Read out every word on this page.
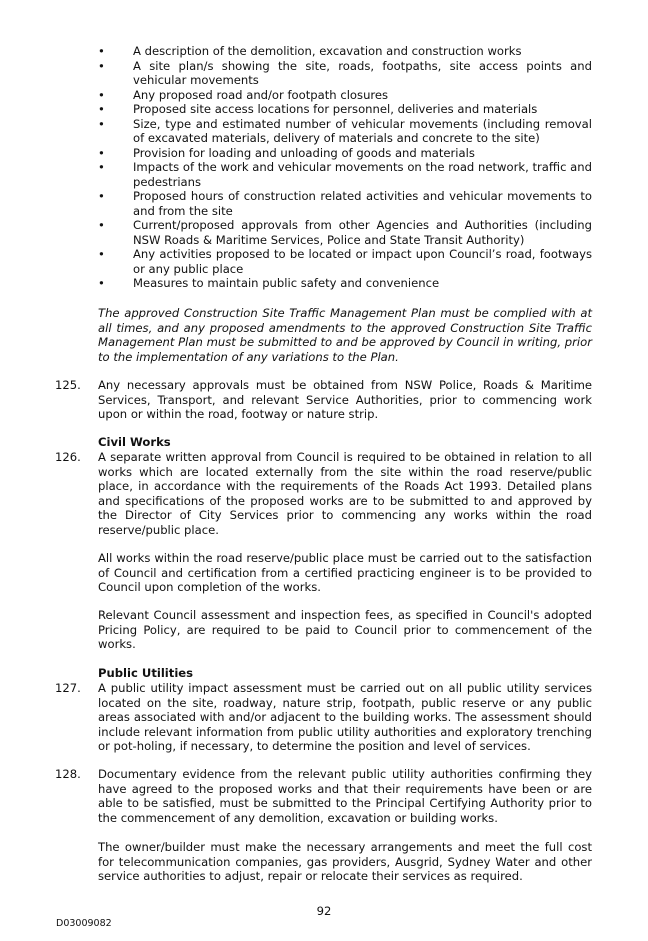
•	A description of the demolition, excavation and construction works
•	A site plan/s showing the site, roads, footpaths, site access points and vehicular movements
•	Any proposed road and/or footpath closures
•	Proposed site access locations for personnel, deliveries and materials
•	Size, type and estimated number of vehicular movements (including removal of excavated materials, delivery of materials and concrete to the site)
•	Provision for loading and unloading of goods and materials
•	Impacts of the work and vehicular movements on the road network, traffic and pedestrians
•	Proposed hours of construction related activities and vehicular movements to and from the site
•	Current/proposed approvals from other Agencies and Authorities (including NSW Roads & Maritime Services, Police and State Transit Authority)
•	Any activities proposed to be located or impact upon Council’s road, footways or any public place
•	Measures to maintain public safety and convenience

The approved Construction Site Traffic Management Plan must be complied with at all times, and any proposed amendments to the approved Construction Site Traffic Management Plan must be submitted to and be approved by Council in writing, prior to the implementation of any variations to the Plan.

125. Any necessary approvals must be obtained from NSW Police, Roads & Maritime Services, Transport, and relevant Service Authorities, prior to commencing work upon or within the road, footway or nature strip.

Civil Works
126. A separate written approval from Council is required to be obtained in relation to all works which are located externally from the site within the road reserve/public place, in accordance with the requirements of the Roads Act 1993. Detailed plans and specifications of the proposed works are to be submitted to and approved by the Director of City Services prior to commencing any works within the road reserve/public place.

All works within the road reserve/public place must be carried out to the satisfaction of Council and certification from a certified practicing engineer is to be provided to Council upon completion of the works.

Relevant Council assessment and inspection fees, as specified in Council's adopted Pricing Policy, are required to be paid to Council prior to commencement of the works.

Public Utilities
127. A public utility impact assessment must be carried out on all public utility services located on the site, roadway, nature strip, footpath, public reserve or any public areas associated with and/or adjacent to the building works. The assessment should include relevant information from public utility authorities and exploratory trenching or pot-holing, if necessary, to determine the position and level of services.

128. Documentary evidence from the relevant public utility authorities confirming they have agreed to the proposed works and that their requirements have been or are able to be satisfied, must be submitted to the Principal Certifying Authority prior to the commencement of any demolition, excavation or building works.

The owner/builder must make the necessary arrangements and meet the full cost for telecommunication companies, gas providers, Ausgrid, Sydney Water and other service authorities to adjust, repair or relocate their services as required.

92
D03009082
